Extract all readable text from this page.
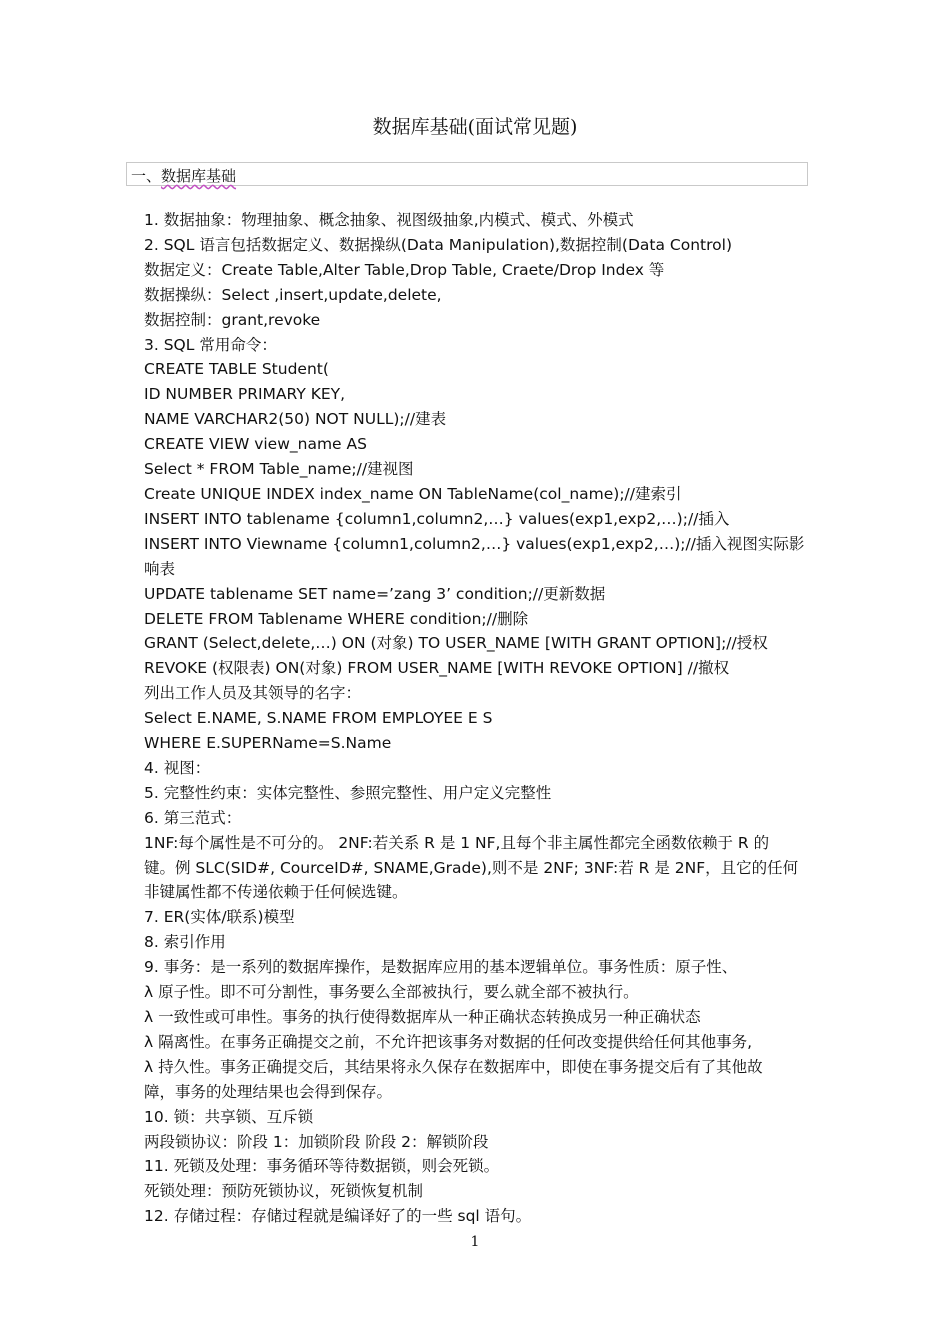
数据库基础(面试常见题)
一、数据库基础
1. 数据抽象：物理抽象、概念抽象、视图级抽象,内模式、模式、外模式
2. SQL 语言包括数据定义、数据操纵(Data Manipulation),数据控制(Data Control)
数据定义：Create Table,Alter Table,Drop Table, Craete/Drop Index 等
数据操纵：Select ,insert,update,delete,
数据控制：grant,revoke
3. SQL 常用命令：
CREATE TABLE Student(
ID NUMBER PRIMARY KEY,
NAME VARCHAR2(50) NOT NULL);//建表
CREATE VIEW view_name AS
Select * FROM Table_name;//建视图
Create UNIQUE INDEX index_name ON TableName(col_name);//建索引
INSERT INTO tablename {column1,column2,…} values(exp1,exp2,…);//插入
INSERT INTO Viewname {column1,column2,…} values(exp1,exp2,…);//插入视图实际影
响表
UPDATE tablename SET name=’zang 3’ condition;//更新数据
DELETE FROM Tablename WHERE condition;//删除
GRANT (Select,delete,…) ON (对象) TO USER_NAME [WITH GRANT OPTION];//授权
REVOKE (权限表) ON(对象) FROM USER_NAME [WITH REVOKE OPTION] //撤权
列出工作人员及其领导的名字：
Select E.NAME, S.NAME FROM EMPLOYEE E S
WHERE E.SUPERName=S.Name
4. 视图：
5. 完整性约束：实体完整性、参照完整性、用户定义完整性
6. 第三范式：
1NF:每个属性是不可分的。 2NF:若关系 R 是 1 NF,且每个非主属性都完全函数依赖于 R 的
键。例 SLC(SID#, CourceID#, SNAME,Grade),则不是 2NF; 3NF:若 R 是 2NF，且它的任何
非键属性都不传递依赖于任何候选键。
7. ER(实体/联系)模型
8. 索引作用
9. 事务：是一系列的数据库操作，是数据库应用的基本逻辑单位。事务性质：原子性、
λ 原子性。即不可分割性，事务要么全部被执行，要么就全部不被执行。
λ 一致性或可串性。事务的执行使得数据库从一种正确状态转换成另一种正确状态
λ 隔离性。在事务正确提交之前，不允许把该事务对数据的任何改变提供给任何其他事务,
λ 持久性。事务正确提交后，其结果将永久保存在数据库中，即使在事务提交后有了其他故
障，事务的处理结果也会得到保存。
10. 锁：共享锁、互斥锁
两段锁协议：阶段 1：加锁阶段 阶段 2：解锁阶段
11. 死锁及处理：事务循环等待数据锁，则会死锁。
死锁处理：预防死锁协议，死锁恢复机制
12. 存储过程：存储过程就是编译好了的一些 sql 语句。
1
